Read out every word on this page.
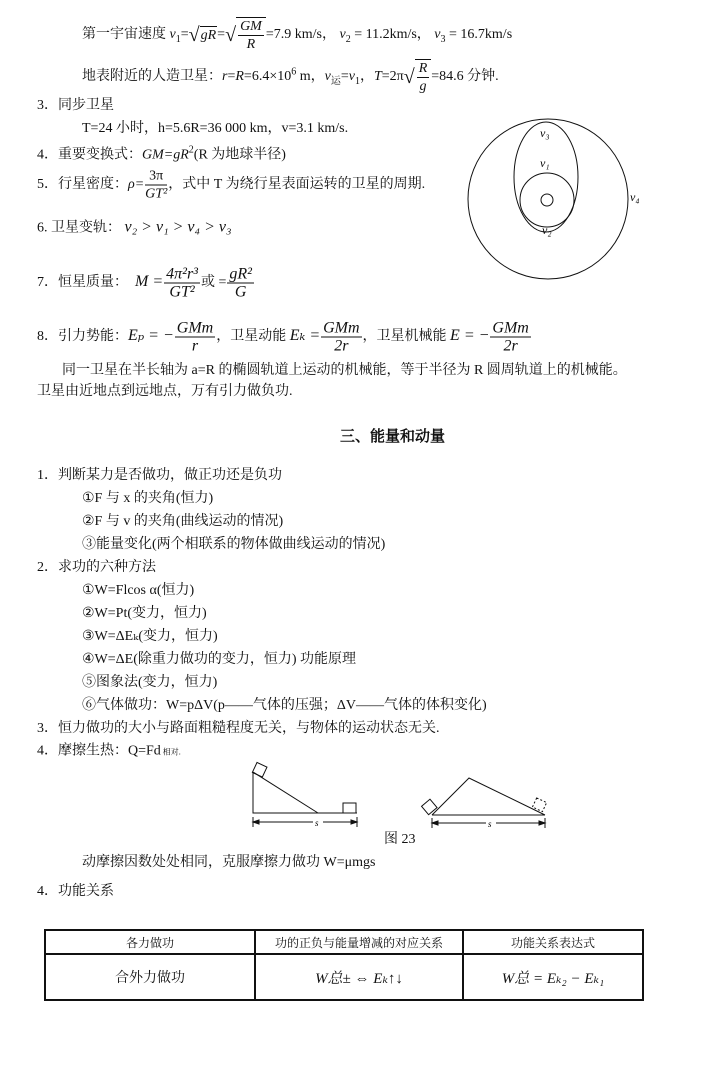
第一宇宙速度 $v_1=√gR=√ \frac{GM}{R} =7.9$ km/s， $v_2 = 11.2km/s$， $v_3 = 16.7km/s$
地表附近的人造卫星：$r=R=6.4\times 10^6$ m，$v_运=v_1$，$T=2\pi√ \frac{R}{g} =84.6$ 分钟.
3．同步卫星
T=24 小时，h=5.6R=36 000 km，v=3.1 km/s.
4．重要变换式：$GM=gR^2(R$ 为地球半径)
5．行星密度：$\rho= \frac{3\pi}{\text{GT²}}$ ，式中 T 为绕行星表面运转的卫星的周期.
6. 卫星变轨： v₂ > v₁ > v₄ > v₃
7．恒星质量： $M = \frac{\text{4π²r³}}{\text{GT²}}$ 或 = $\frac{\text{gR²}}{G}$
8．引力势能：Eₚ = − GMm
r
，卫星动能 Eₖ = GMm
2r
，卫星机械能 E = − GMm
2r
同一卫星在半长轴为 a=R 的椭圆轨道上运动的机械能，等于半径为 R 圆周轨道上的机械能。
卫星由近地点到远地点，万有引力做负功.
v₃
v₁
v₄
v₂
s	s
三、能量和动量
1．判断某力是否做功，做正功还是负功
①F 与 x 的夹角(恒力)
②F 与 v 的夹角(曲线运动的情况)
③能量变化(两个相联系的物体做曲线运动的情况)
2．求功的六种方法
①W=Flcos α(恒力)
②W=Pt(变力，恒力)
③W=ΔEₖ(变力，恒力)
④W=ΔE(除重力做功的变力，恒力) 功能原理
⑤图象法(变力，恒力)
⑥气体做功：W=pΔV(p——气体的压强；ΔV——气体的体积变化)
3．恒力做功的大小与路面粗糙程度无关，与物体的运动状态无关.
4．摩擦生热：Q=Fd 相对.
图 23
动摩擦因数处处相同，克服摩擦力做功 W=μmgs
4．功能关系
各力做功	功的正负与能量增减的对应关系	功能关系表达式
合外力做功	W总± ⇔ Eₖ↑↓	W总 = Eₖ₂ − Eₖ₁
